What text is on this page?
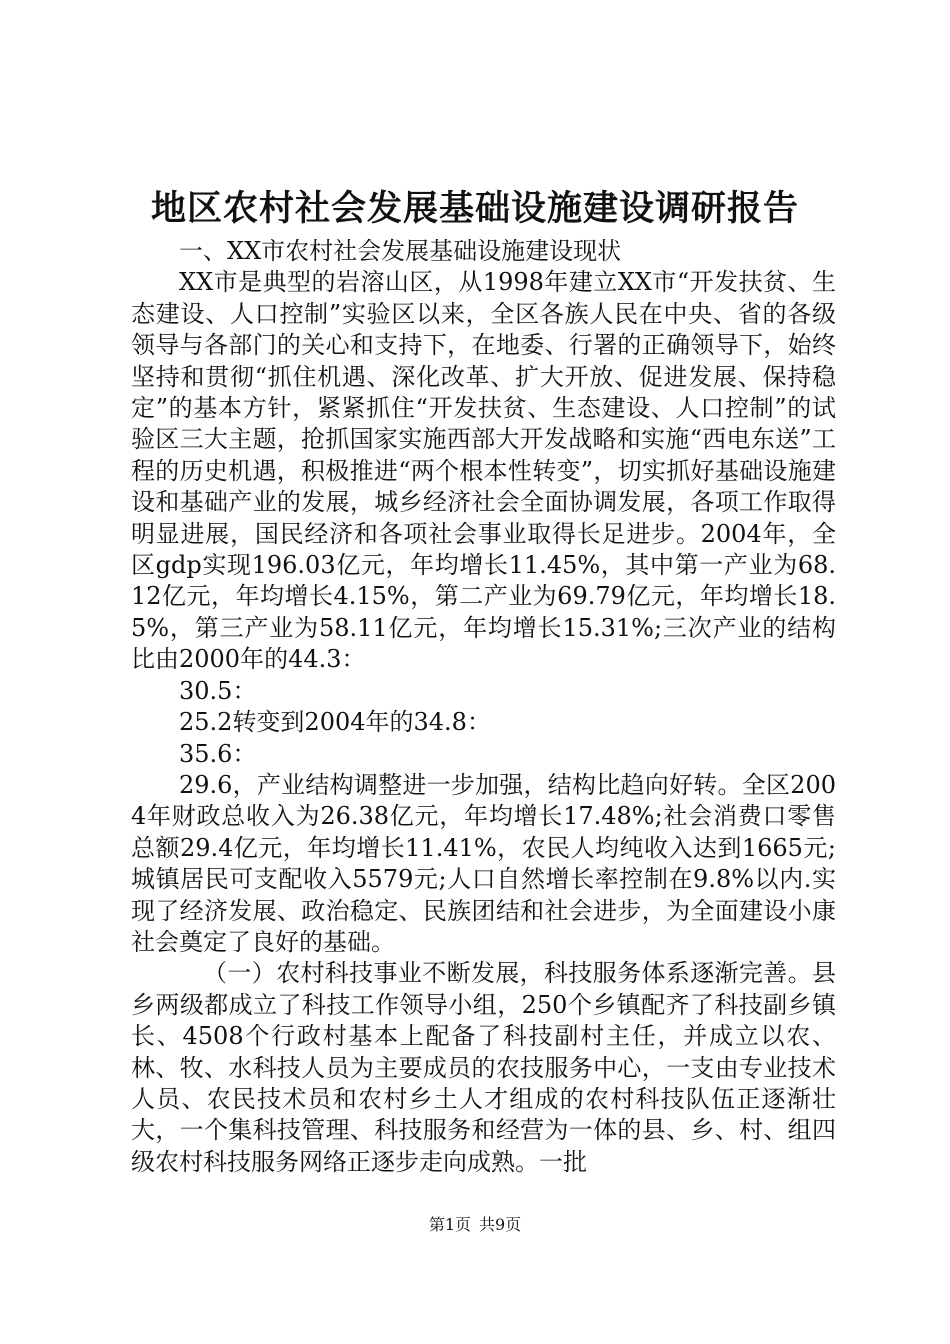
地区农村社会发展基础设施建设调研报告

一、XX市农村社会发展基础设施建设现状

XX市是典型的岩溶山区，从1998年建立XX市“开发扶贫、生态建设、人口控制”实验区以来，全区各族人民在中央、省的各级领导与各部门的关心和支持下，在地委、行署的正确领导下，始终坚持和贯彻“抓住机遇、深化改革、扩大开放、促进发展、保持稳定”的基本方针，紧紧抓住“开发扶贫、生态建设、人口控制”的试验区三大主题，抢抓国家实施西部大开发战略和实施“西电东送”工程的历史机遇，积极推进“两个根本性转变”，切实抓好基础设施建设和基础产业的发展，城乡经济社会全面协调发展，各项工作取得明显进展，国民经济和各项社会事业取得长足进步。2004年，全区gdp实现196.03亿元，年均增长11.45%，其中第一产业为68.12亿元，年均增长4.15%，第二产业为69.79亿元，年均增长18.5%，第三产业为58.11亿元，年均增长15.31%;三次产业的结构比由2000年的44.3：

30.5：

25.2转变到2004年的34.8：

35.6：

29.6，产业结构调整进一步加强，结构比趋向好转。全区2004年财政总收入为26.38亿元，年均增长17.48%;社会消费口零售总额29.4亿元，年均增长11.41%，农民人均纯收入达到1665元;城镇居民可支配收入5579元;人口自然增长率控制在9.8%以内.实现了经济发展、政治稳定、民族团结和社会进步，为全面建设小康社会奠定了良好的基础。

（一）农村科技事业不断发展，科技服务体系逐渐完善。县乡两级都成立了科技工作领导小组，250个乡镇配齐了科技副乡镇长、4508个行政村基本上配备了科技副村主任，并成立以农、林、牧、水科技人员为主要成员的农技服务中心，一支由专业技术人员、农民技术员和农村乡土人才组成的农村科技队伍正逐渐壮大，一个集科技管理、科技服务和经营为一体的县、乡、村、组四级农村科技服务网络正逐步走向成熟。一批

第1页 共9页
